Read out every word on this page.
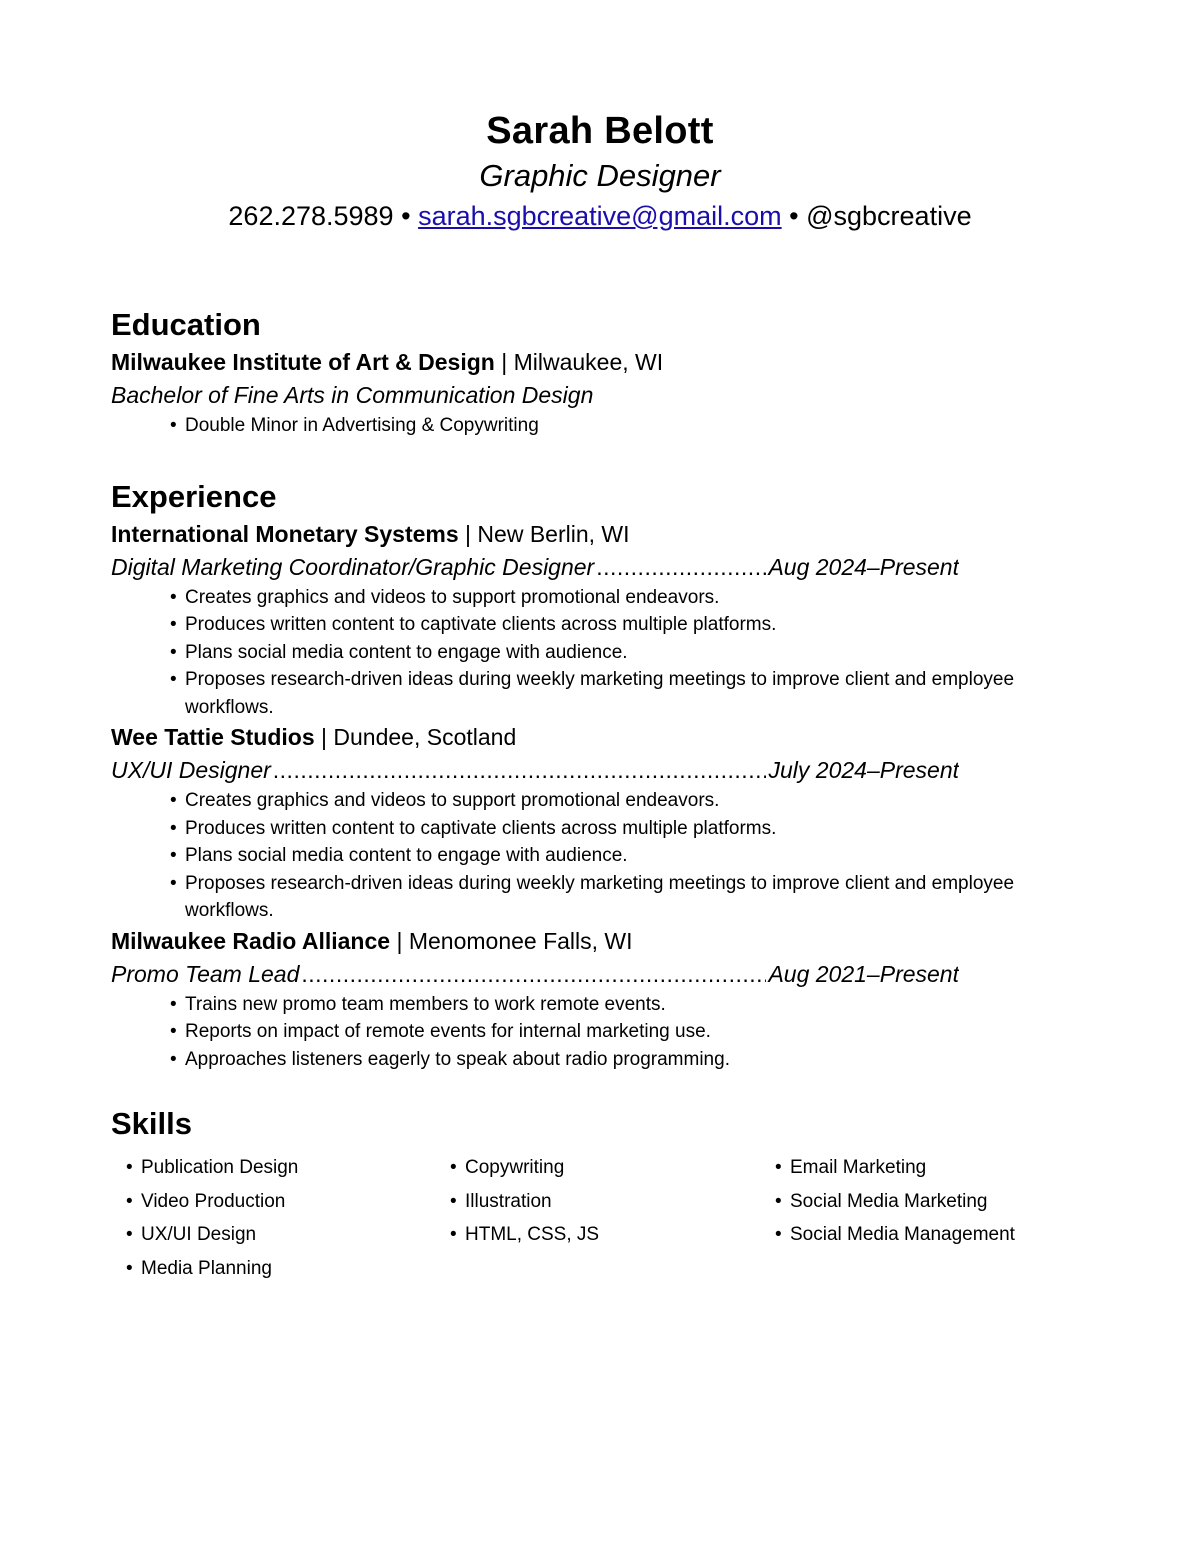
Sarah Belott
Graphic Designer
262.278.5989 • sarah.sgbcreative@gmail.com • @sgbcreative
Education
Milwaukee Institute of Art & Design | Milwaukee, WI
Bachelor of Fine Arts in Communication Design
• Double Minor in Advertising & Copywriting
Experience
International Monetary Systems | New Berlin, WI
Digital Marketing Coordinator/Graphic Designer .....	Aug 2024–Present
• Creates graphics and videos to support promotional endeavors.
• Produces written content to captivate clients across multiple platforms.
• Plans social media content to engage with audience.
• Proposes research-driven ideas during weekly marketing meetings to improve client and employee workflows.
Wee Tattie Studios | Dundee, Scotland
UX/UI Designer .....	July 2024–Present
• Creates graphics and videos to support promotional endeavors.
• Produces written content to captivate clients across multiple platforms.
• Plans social media content to engage with audience.
• Proposes research-driven ideas during weekly marketing meetings to improve client and employee workflows.
Milwaukee Radio Alliance | Menomonee Falls, WI
Promo Team Lead .....	Aug 2021–Present
• Trains new promo team members to work remote events.
• Reports on impact of remote events for internal marketing use.
• Approaches listeners eagerly to speak about radio programming.
Skills
• Publication Design
• Video Production
• UX/UI Design
• Media Planning
• Copywriting
• Illustration
• HTML, CSS, JS
• Email Marketing
• Social Media Marketing
• Social Media Management
